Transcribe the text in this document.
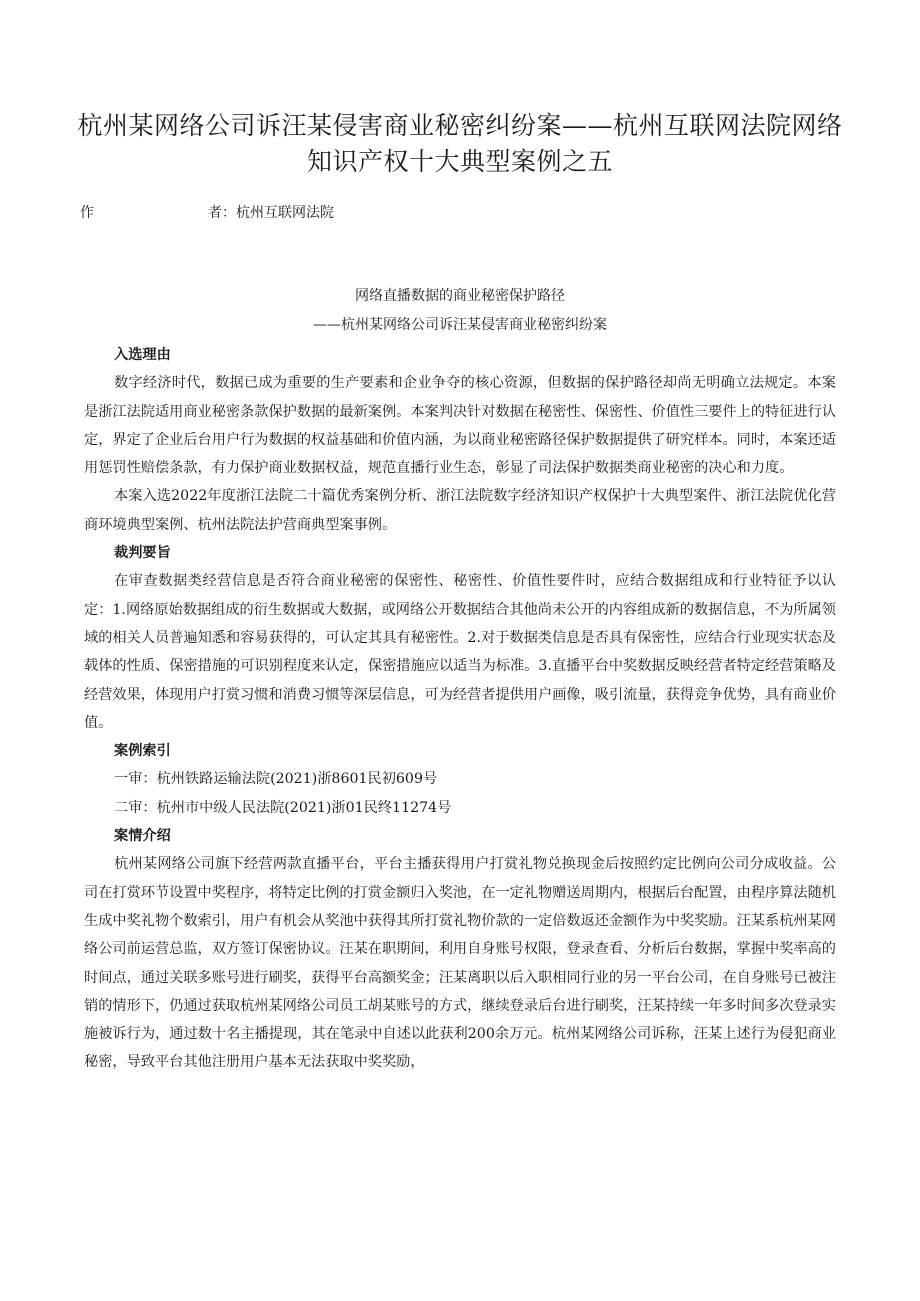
杭州某网络公司诉汪某侵害商业秘密纠纷案——杭州互联网法院网络
知识产权十大典型案例之五
作	者：杭州互联网法院
网络直播数据的商业秘密保护路径
——杭州某网络公司诉汪某侵害商业秘密纠纷案

入选理由

数字经济时代，数据已成为重要的生产要素和企业争夺的核心资源，但数据的保护路径却尚无明确立法规定。本案是浙江法院适用商业秘密条款保护数据的最新案例。本案判决针对数据在秘密性、保密性、价值性三要件上的特征进行认定，界定了企业后台用户行为数据的权益基础和价值内涵，为以商业秘密路径保护数据提供了研究样本。同时，本案还适用惩罚性赔偿条款，有力保护商业数据权益，规范直播行业生态，彰显了司法保护数据类商业秘密的决心和力度。

本案入选2022年度浙江法院二十篇优秀案例分析、浙江法院数字经济知识产权保护十大典型案件、浙江法院优化营商环境典型案例、杭州法院法护营商典型案事例。

裁判要旨

在审查数据类经营信息是否符合商业秘密的保密性、秘密性、价值性要件时，应结合数据组成和行业特征予以认定：1.网络原始数据组成的衍生数据或大数据，或网络公开数据结合其他尚未公开的内容组成新的数据信息，不为所属领域的相关人员普遍知悉和容易获得的，可认定其具有秘密性。2.对于数据类信息是否具有保密性，应结合行业现实状态及载体的性质、保密措施的可识别程度来认定，保密措施应以适当为标准。3.直播平台中奖数据反映经营者特定经营策略及经营效果，体现用户打赏习惯和消费习惯等深层信息，可为经营者提供用户画像，吸引流量，获得竞争优势，具有商业价值。

案例索引

一审：杭州铁路运输法院(2021)浙8601民初609号

二审：杭州市中级人民法院(2021)浙01民终11274号

案情介绍

杭州某网络公司旗下经营两款直播平台，平台主播获得用户打赏礼物兑换现金后按照约定比例向公司分成收益。公司在打赏环节设置中奖程序，将特定比例的打赏金额归入奖池，在一定礼物赠送周期内，根据后台配置，由程序算法随机生成中奖礼物个数索引，用户有机会从奖池中获得其所打赏礼物价款的一定倍数返还金额作为中奖奖励。汪某系杭州某网络公司前运营总监，双方签订保密协议。汪某在职期间，利用自身账号权限，登录查看、分析后台数据，掌握中奖率高的时间点，通过关联多账号进行刷奖，获得平台高额奖金；汪某离职以后入职相同行业的另一平台公司，在自身账号已被注销的情形下，仍通过获取杭州某网络公司员工胡某账号的方式，继续登录后台进行刷奖，汪某持续一年多时间多次登录实施被诉行为，通过数十名主播提现，其在笔录中自述以此获利200余万元。杭州某网络公司诉称，汪某上述行为侵犯商业秘密，导致平台其他注册用户基本无法获取中奖奖励，
